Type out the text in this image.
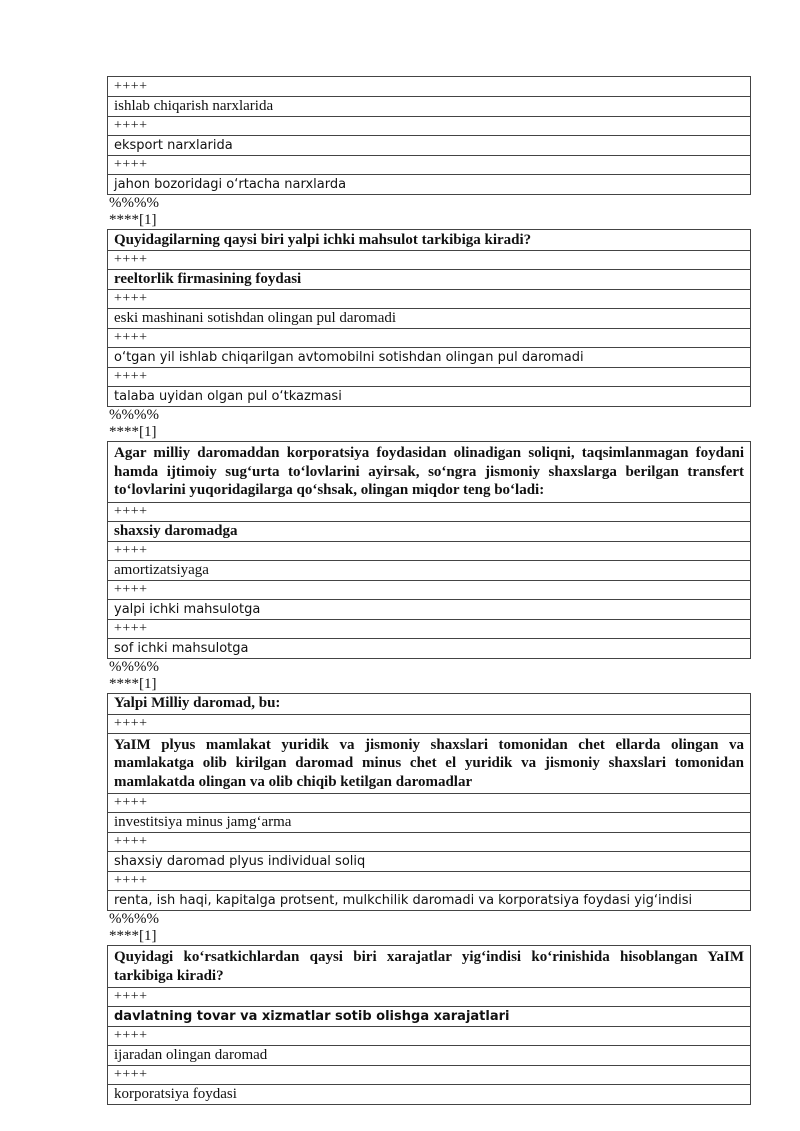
++++
ishlab chiqarish narxlarida
++++
eksport narxlarida
++++
jahon bozoridagi o‘rtacha narxlarda
%%%%
****[1]
Quyidagilarning qaysi biri yalpi ichki mahsulot tarkibiga kiradi?
++++
reeltorlik firmasining foydasi
++++
eski mashinani sotishdan olingan pul daromadi
++++
o‘tgan yil ishlab chiqarilgan avtomobilni sotishdan olingan pul daromadi
++++
talaba uyidan olgan pul o‘tkazmasi
%%%%
****[1]
Agar milliy daromaddan korporatsiya foydasidan olinadigan soliqni, taqsimlanmagan foydani hamda ijtimoiy sug‘urta to‘lovlarini ayirsak, so‘ngra jismoniy shaxslarga berilgan transfert to‘lovlarini yuqoridagilarga qo‘shsak, olingan miqdor teng bo‘ladi:
++++
shaxsiy daromadga
++++
amortizatsiyaga
++++
yalpi ichki mahsulotga
++++
sof ichki mahsulotga
%%%%
****[1]
Yalpi Milliy daromad, bu:
++++
YaIM plyus mamlakat yuridik va jismoniy shaxslari tomonidan chet ellarda olingan va mamlakatga olib kirilgan daromad minus chet el yuridik va jismoniy shaxslari tomonidan mamlakatda olingan va olib chiqib ketilgan daromadlar
++++
investitsiya minus jamg‘arma
++++
shaxsiy daromad plyus individual soliq
++++
renta, ish haqi, kapitalga protsent, mulkchilik daromadi va korporatsiya foydasi yig‘indisi
%%%%
****[1]
Quyidagi ko‘rsatkichlardan qaysi biri xarajatlar yig‘indisi ko‘rinishida hisoblangan YaIM tarkibiga kiradi?
++++
davlatning tovar va xizmatlar sotib olishga xarajatlari
++++
ijaradan olingan daromad
++++
korporatsiya foydasi
